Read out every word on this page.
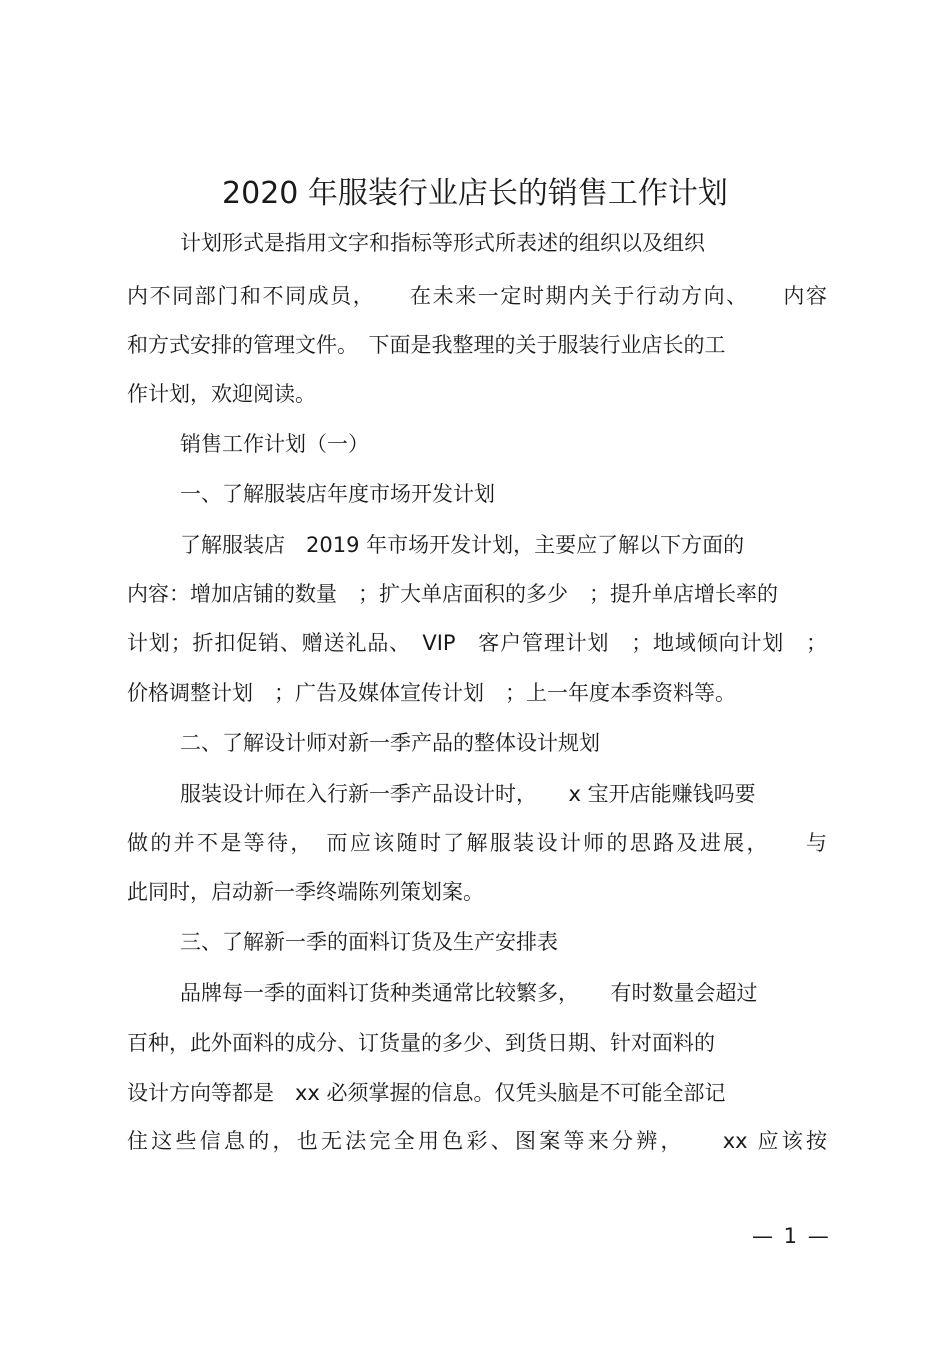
2020 年服装行业店长的销售工作计划
计划形式是指用文字和指标等形式所表述的组织以及组织
内不同部门和不同成员，　　在未来一定时期内关于行动方向、　　内容
和方式安排的管理文件。　下面是我整理的关于服装行业店长的工
作计划，欢迎阅读。
销售工作计划（一）
一、了解服装店年度市场开发计划
了解服装店　2019 年市场开发计划，主要应了解以下方面的
内容：增加店铺的数量　；扩大单店面积的多少　；提升单店增长率的
计划；折扣促销、赠送礼品、　VIP　客户管理计划　；地域倾向计划　；
价格调整计划　；广告及媒体宣传计划　；上一年度本季资料等。
二、了解设计师对新一季产品的整体设计规划
服装设计师在入行新一季产品设计时，　　x 宝开店能赚钱吗要
做的并不是等待，　而应该随时了解服装设计师的思路及进展，　　与
此同时，启动新一季终端陈列策划案。
三、了解新一季的面料订货及生产安排表
品牌每一季的面料订货种类通常比较繁多，　　有时数量会超过
百种，此外面料的成分、订货量的多少、到货日期、针对面料的
设计方向等都是　xx 必须掌握的信息。仅凭头脑是不可能全部记
住这些信息的，也无法完全用色彩、图案等来分辨，　　xx 应该按
— 1 —
